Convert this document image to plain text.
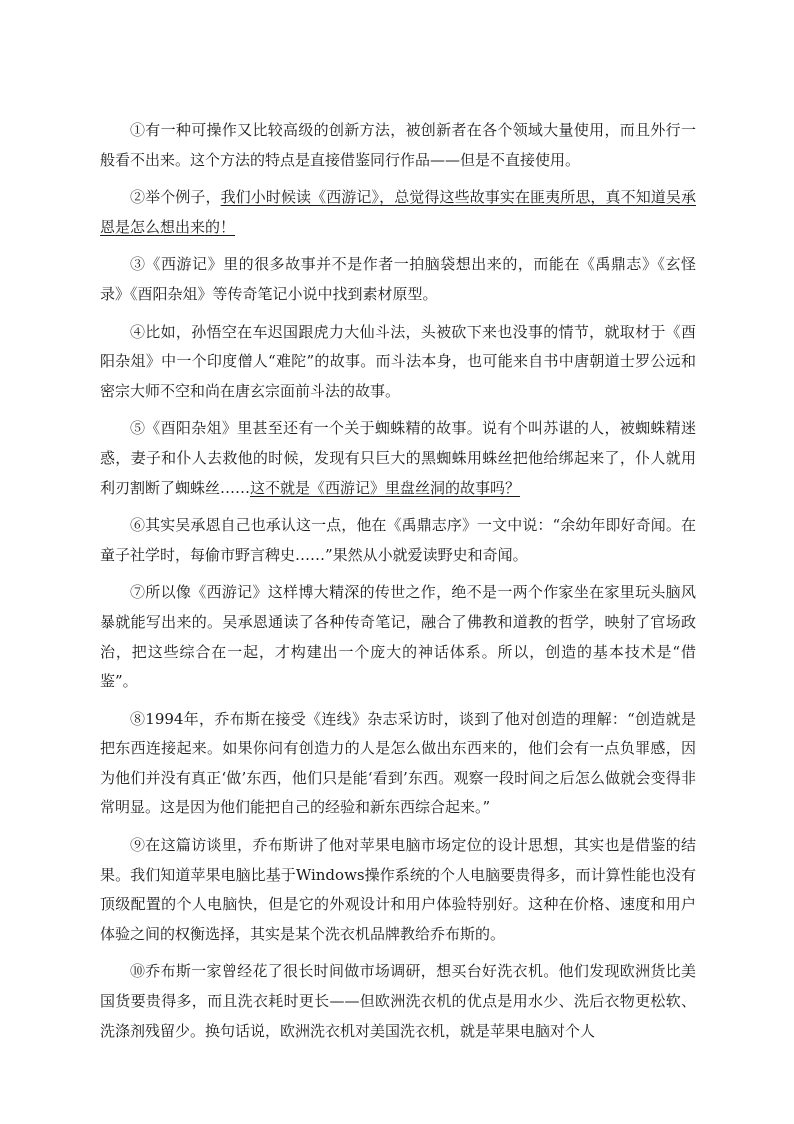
①有一种可操作又比较高级的创新方法，被创新者在各个领域大量使用，而且外行一般看不出来。这个方法的特点是直接借鉴同行作品——但是不直接使用。

②举个例子，我们小时候读《西游记》，总觉得这些故事实在匪夷所思，真不知道吴承恩是怎么想出来的！

③《西游记》里的很多故事并不是作者一拍脑袋想出来的，而能在《禹鼎志》《玄怪录》《酉阳杂俎》等传奇笔记小说中找到素材原型。

④比如，孙悟空在车迟国跟虎力大仙斗法，头被砍下来也没事的情节，就取材于《酉阳杂俎》中一个印度僧人“难陀”的故事。而斗法本身，也可能来自书中唐朝道士罗公远和密宗大师不空和尚在唐玄宗面前斗法的故事。

⑤《酉阳杂俎》里甚至还有一个关于蜘蛛精的故事。说有个叫苏谌的人，被蜘蛛精迷惑，妻子和仆人去救他的时候，发现有只巨大的黑蜘蛛用蛛丝把他给绑起来了，仆人就用利刃割断了蜘蛛丝……这不就是《西游记》里盘丝洞的故事吗？

⑥其实吴承恩自己也承认这一点，他在《禹鼎志序》一文中说：“余幼年即好奇闻。在童子社学时，每偷市野言稗史……”果然从小就爱读野史和奇闻。

⑦所以像《西游记》这样博大精深的传世之作，绝不是一两个作家坐在家里玩头脑风暴就能写出来的。吴承恩通读了各种传奇笔记，融合了佛教和道教的哲学，映射了官场政治，把这些综合在一起，才构建出一个庞大的神话体系。所以，创造的基本技术是“借鉴”。

⑧1994年，乔布斯在接受《连线》杂志采访时，谈到了他对创造的理解：“创造就是把东西连接起来。如果你问有创造力的人是怎么做出东西来的，他们会有一点负罪感，因为他们并没有真正‘做’东西，他们只是能‘看到’东西。观察一段时间之后怎么做就会变得非常明显。这是因为他们能把自己的经验和新东西综合起来。”

⑨在这篇访谈里，乔布斯讲了他对苹果电脑市场定位的设计思想，其实也是借鉴的结果。我们知道苹果电脑比基于Windows操作系统的个人电脑要贵得多，而计算性能也没有顶级配置的个人电脑快，但是它的外观设计和用户体验特别好。这种在价格、速度和用户体验之间的权衡选择，其实是某个洗衣机品牌教给乔布斯的。

⑩乔布斯一家曾经花了很长时间做市场调研，想买台好洗衣机。他们发现欧洲货比美国货要贵得多，而且洗衣耗时更长——但欧洲洗衣机的优点是用水少、洗后衣物更松软、洗涤剂残留少。换句话说，欧洲洗衣机对美国洗衣机，就是苹果电脑对个人
